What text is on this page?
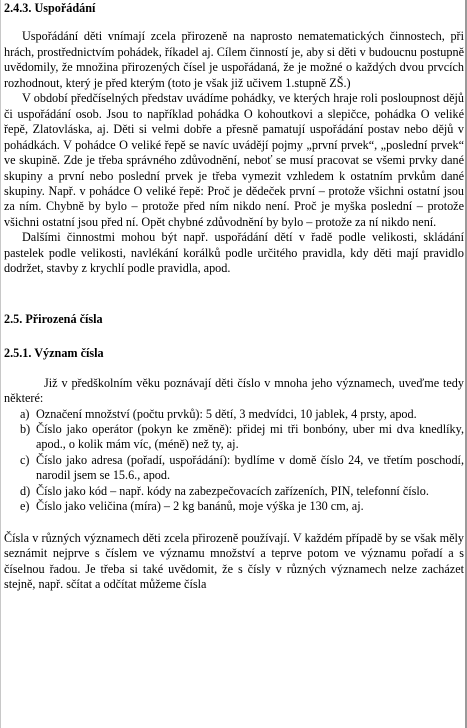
2.4.3. Uspořádání

Uspořádání děti vnímají zcela přirozeně na naprosto nematematických činnostech, při hrách, prostřednictvím pohádek, říkadel aj. Cílem činností je, aby si děti v budoucnu postupně uvědomily, že množina přirozených čísel je uspořádaná, že je možné o každých dvou prvcích rozhodnout, který je před kterým (toto je však již učivem 1.stupně ZŠ.)

V období předčíselných představ uvádíme pohádky, ve kterých hraje roli posloupnost dějů či uspořádání osob. Jsou to například pohádka O kohoutkovi a slepičce, pohádka O veliké řepě, Zlatovláska, aj. Děti si velmi dobře a přesně pamatují uspořádání postav nebo dějů v pohádkách. V pohádce O veliké řepě se navíc uvádějí pojmy „první prvek“, „poslední prvek“ ve skupině. Zde je třeba správného zdůvodnění, neboť se musí pracovat se všemi prvky dané skupiny a první nebo poslední prvek je třeba vymezit vzhledem k ostatním prvkům dané skupiny. Např. v pohádce O veliké řepě: Proč je dědeček první – protože všichni ostatní jsou za ním. Chybně by bylo – protože před ním nikdo není. Proč je myška poslední – protože všichni ostatní jsou před ní. Opět chybné zdůvodnění by bylo – protože za ní nikdo není.

Dalšími činnostmi mohou být např. uspořádání dětí v řadě podle velikosti, skládání pastelek podle velikosti, navlékání korálků podle určitého pravidla, kdy děti mají pravidlo dodržet, stavby z krychlí podle pravidla, apod.

2.5. Přirozená čísla
2.5.1. Význam čísla

Již v předškolním věku poznávají děti číslo v mnoha jeho významech, uveďme tedy některé:

a) Označení množství (počtu prvků): 5 dětí, 3 medvídci, 10 jablek, 4 prsty, apod.
b) Číslo jako operátor (pokyn ke změně): přidej mi tři bonbóny, uber mi dva knedlíky, apod., o kolik mám víc, (méně) než ty, aj.
c) Číslo jako adresa (pořadí, uspořádání): bydlíme v domě číslo 24, ve třetím poschodí, narodil jsem se 15.6., apod.
d) Číslo jako kód – např. kódy na zabezpečovacích zařízeních, PIN, telefonní číslo.
e) Číslo jako veličina (míra) – 2 kg banánů, moje výška je 130 cm, aj.

Čísla v různých významech děti zcela přirozeně používají. V každém případě by se však měly seznámit nejprve s číslem ve významu množství a teprve potom ve významu pořadí a s číselnou řadou. Je třeba si také uvědomit, že s čísly v různých významech nelze zacházet stejně, např. sčítat a odčítat můžeme čísla
